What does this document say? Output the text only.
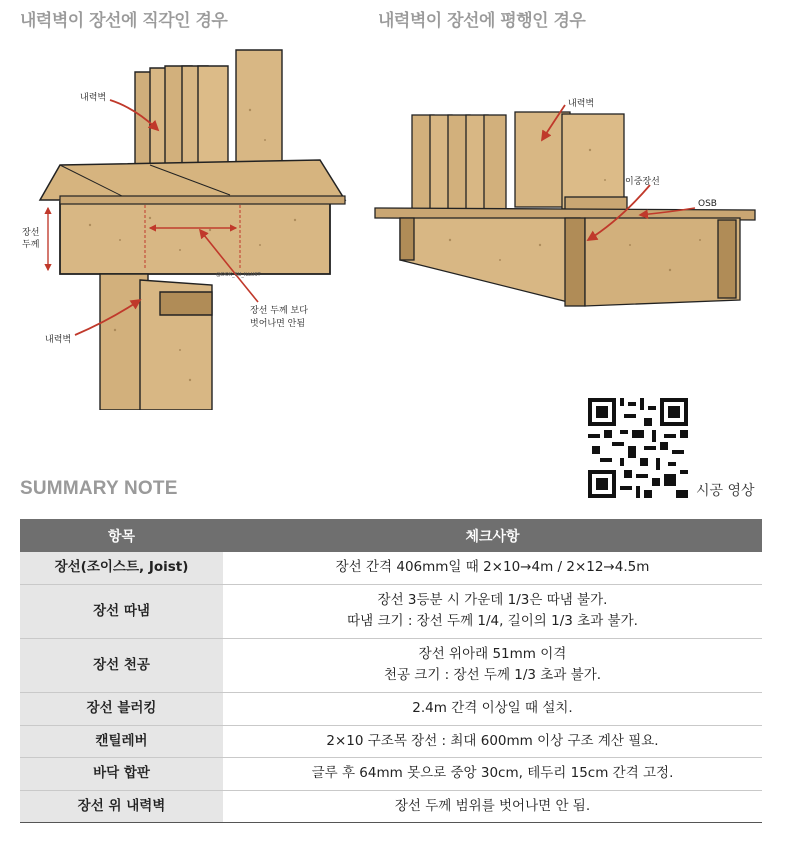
내력벽이 장선에 직각인 경우	내력벽이 장선에 평행인 경우
내력벽
장선
두께
@DOK_SU_ILLUST
장선 두께 보다
벗어나면 안됨
내력벽
내력벽
이중장선
OSB
시공 영상
SUMMARY NOTE
항목	체크사항
장선(조이스트, Joist)	장선 간격 406mm일 때 2×10→4m / 2×12→4.5m

장선 따냄	장선 3등분 시 가운데 1/3은 따냄 불가.
따냄 크기 : 장선 두께 1/4, 길이의 1/3 초과 불가.

장선 천공	장선 위아래 51mm 이격
천공 크기 : 장선 두께 1/3 초과 불가.

장선 블러킹	2.4m 간격 이상일 때 설치.

캔틸레버	2×10 구조목 장선 : 최대 600mm 이상 구조 계산 필요.

바닥 합판	글루 후 64mm 못으로 중앙 30cm, 테두리 15cm 간격 고정.

장선 위 내력벽	장선 두께 범위를 벗어나면 안 됨.
